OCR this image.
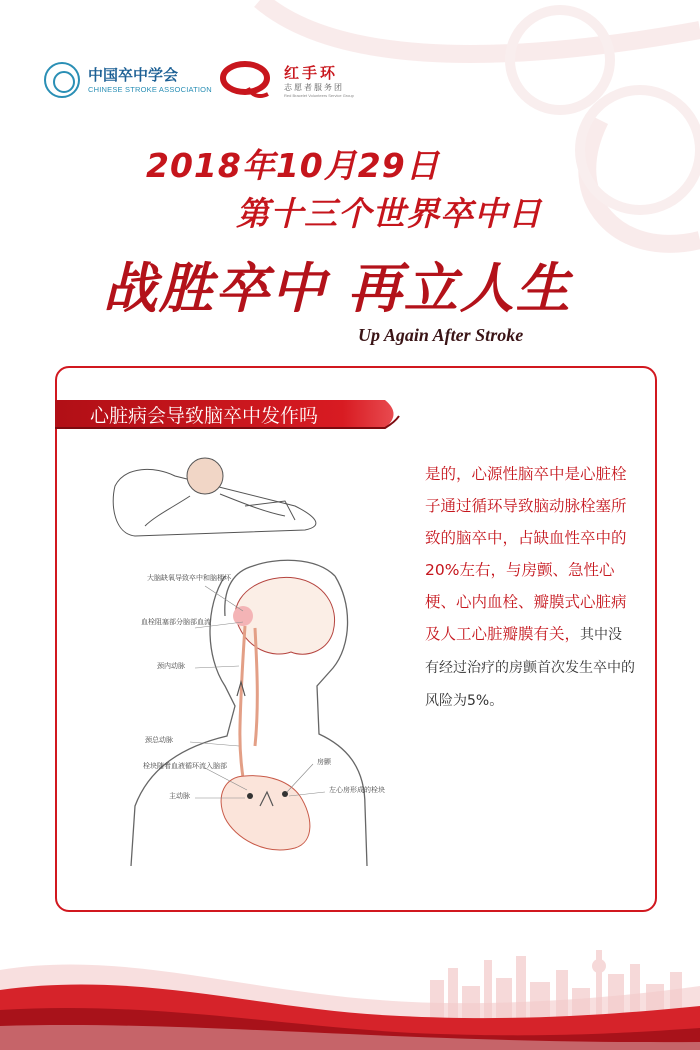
中国卒中学会
CHINESE STROKE ASSOCIATION
红手环
志愿者服务团
Red Bracelet Volunteers Service Group
2018年10月29日
第十三个世界卒中日
战胜卒中 再立人生
Up Again After Stroke
心脏病会导致脑卒中发作吗
大脑缺氧导致卒中和脑梗坏
血栓阻塞部分脑部血流
颈内动脉
颈总动脉
栓块随着血液循环流入脑部
主动脉
房颤
左心房形成的栓块
是的，心源性脑卒中是心脏栓子通过循环导致脑动脉栓塞所致的脑卒中，占缺血性卒中的20%左右，与房颤、急性心梗、心内血栓、瓣膜式心脏病及人工心脏瓣膜有关，其中没有经过治疗的房颤首次发生卒中的风险为5%。
